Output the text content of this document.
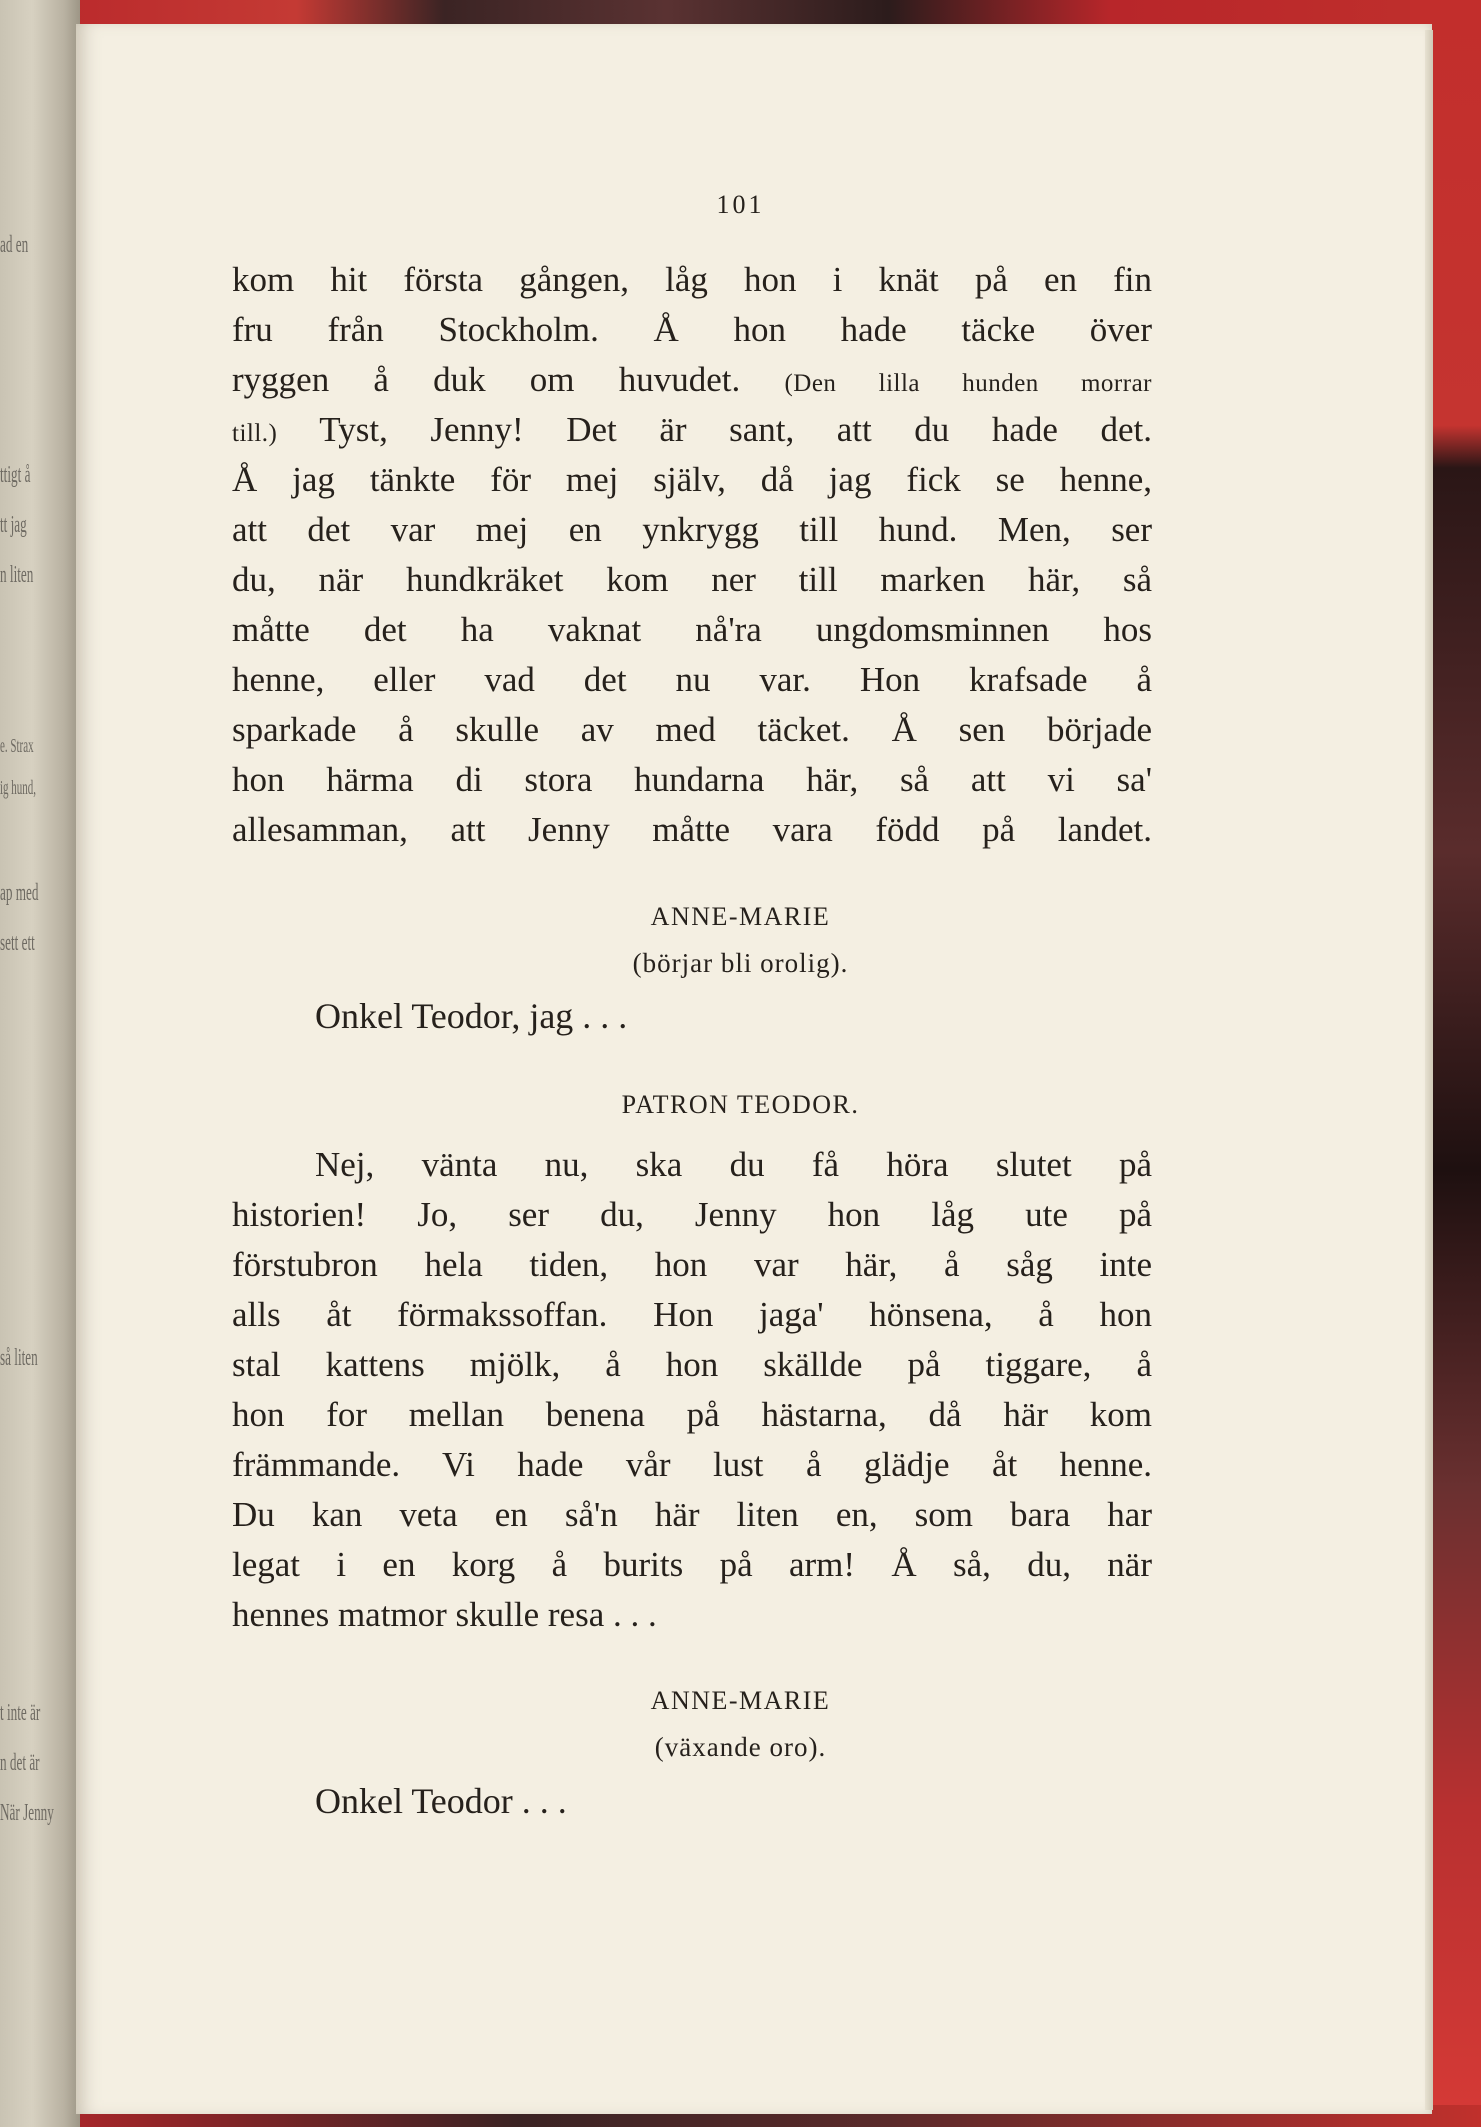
ad en
ttigt å
tt jag
n liten
e. Strax
ig hund,
ap med
sett ett
så liten
t inte är
n det är
När Jenny
101
kom hit första gången, låg hon i knät på en fin
fru från Stockholm. Å hon hade täcke över
ryggen å duk om huvudet. (Den lilla hunden morrar
till.) Tyst, Jenny! Det är sant, att du hade det.
Å jag tänkte för mej själv, då jag fick se henne,
att det var mej en ynkrygg till hund. Men, ser
du, när hundkräket kom ner till marken här, så
måtte det ha vaknat nå'ra ungdomsminnen hos
henne, eller vad det nu var. Hon krafsade å
sparkade å skulle av med täcket. Å sen började
hon härma di stora hundarna här, så att vi sa'
allesamman, att Jenny måtte vara född på landet.
ANNE-MARIE
(börjar bli orolig).
Onkel Teodor, jag . . .
PATRON TEODOR.
Nej, vänta nu, ska du få höra slutet på
historien! Jo, ser du, Jenny hon låg ute på
förstubron hela tiden, hon var här, å såg inte
alls åt förmakssoffan. Hon jaga' hönsena, å hon
stal kattens mjölk, å hon skällde på tiggare, å
hon for mellan benena på hästarna, då här kom
främmande. Vi hade vår lust å glädje åt henne.
Du kan veta en så'n här liten en, som bara har
legat i en korg å burits på arm! Å så, du, när
hennes matmor skulle resa . . .
ANNE-MARIE
(växande oro).
Onkel Teodor . . .
